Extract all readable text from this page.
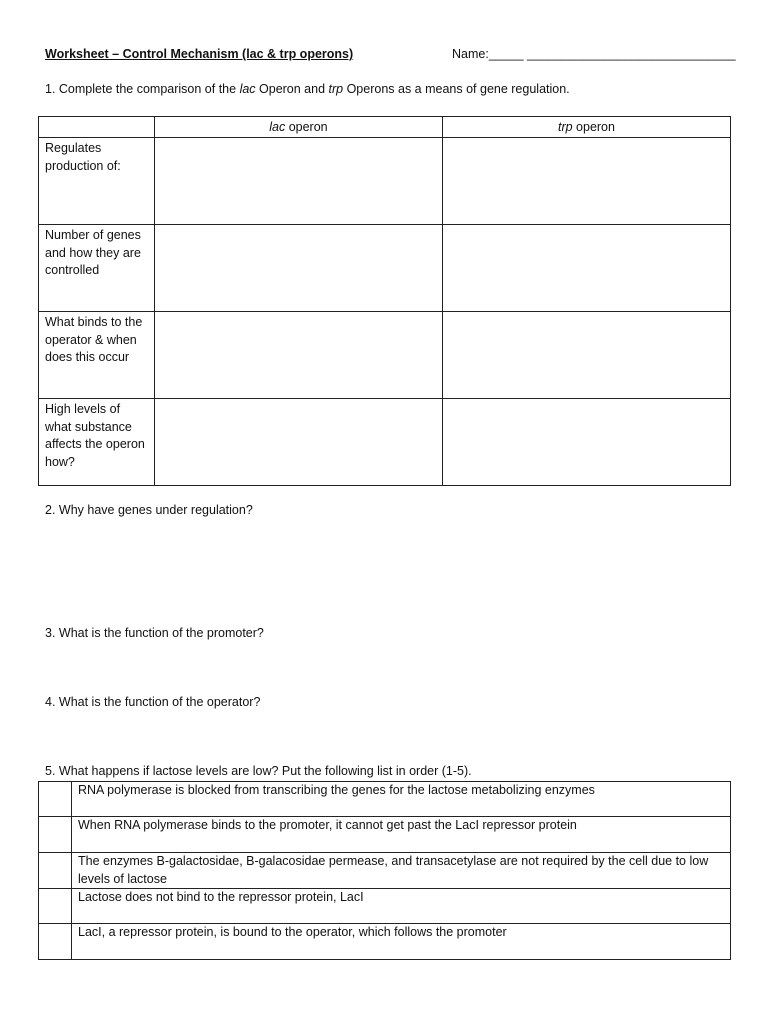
Worksheet – Control Mechanism (lac & trp operons)	Name:_____ ______________________________
1. Complete the comparison of the lac Operon and trp Operons as a means of gene regulation.
	lac operon	trp operon
Regulates production of:		
Number of genes and how they are controlled		
What binds to the operator & when does this occur		
High levels of what substance affects the operon how?		
2. Why have genes under regulation?
3. What is the function of the promoter?
4. What is the function of the operator?
5. What happens if lactose levels are low? Put the following list in order (1-5).
	RNA polymerase is blocked from transcribing the genes for the lactose metabolizing enzymes
	When RNA polymerase binds to the promoter, it cannot get past the LacI repressor protein
	The enzymes B-galactosidae, B-galacosidae permease, and transacetylase are not required by the cell due to low levels of lactose
	Lactose does not bind to the repressor protein, LacI
	LacI, a repressor protein, is bound to the operator, which follows the promoter
